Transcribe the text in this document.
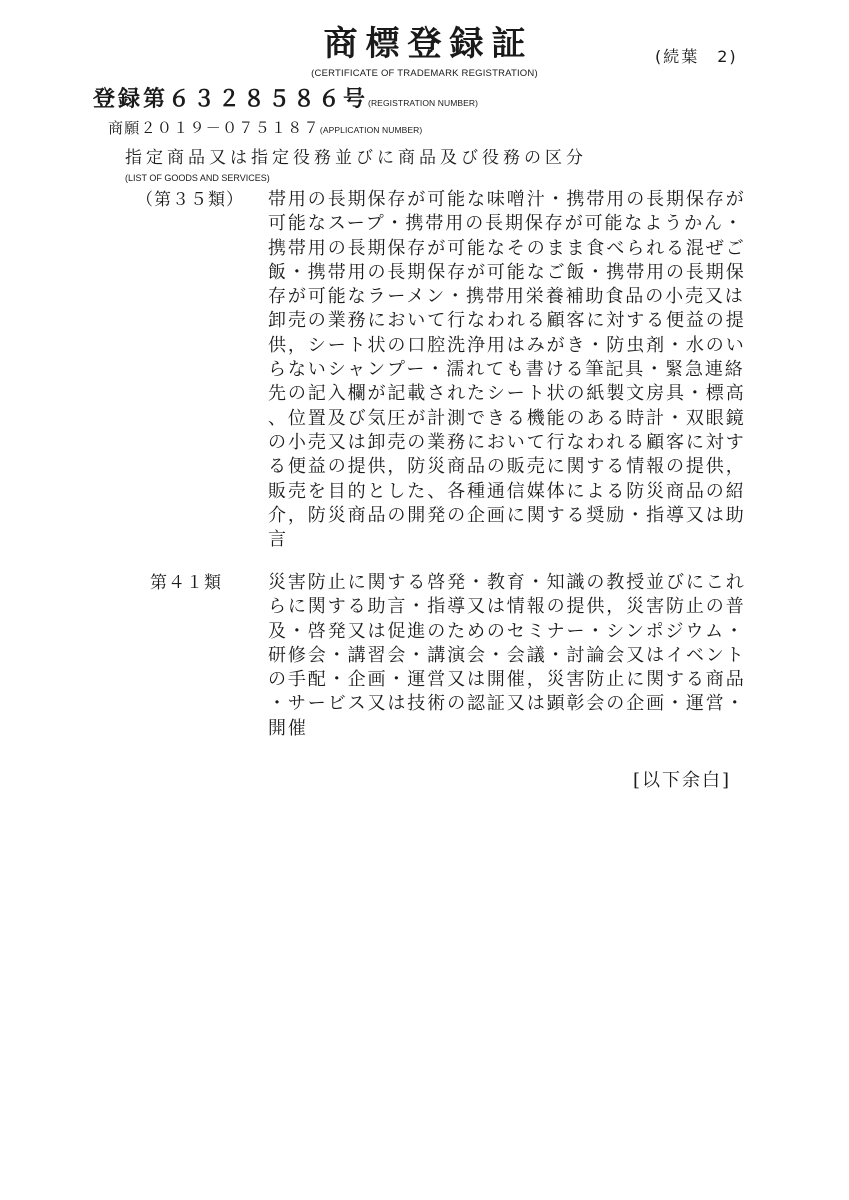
商標登録証
(CERTIFICATE OF TRADEMARK REGISTRATION)
(続葉　2)
登録第６３２８５８６号(REGISTRATION NUMBER)
商願２０１９－０７５１８７(APPLICATION NUMBER)
指定商品又は指定役務並びに商品及び役務の区分
(LIST OF GOODS AND SERVICES)
（第３５類） 帯用の長期保存が可能な味噌汁・携帯用の長期保存が
可能なスープ・携帯用の長期保存が可能なようかん・
携帯用の長期保存が可能なそのまま食べられる混ぜご
飯・携帯用の長期保存が可能なご飯・携帯用の長期保
存が可能なラーメン・携帯用栄養補助食品の小売又は
卸売の業務において行なわれる顧客に対する便益の提
供，シート状の口腔洗浄用はみがき・防虫剤・水のい
らないシャンプー・濡れても書ける筆記具・緊急連絡
先の記入欄が記載されたシート状の紙製文房具・標高
、位置及び気圧が計測できる機能のある時計・双眼鏡
の小売又は卸売の業務において行なわれる顧客に対す
る便益の提供，防災商品の販売に関する情報の提供，
販売を目的とした、各種通信媒体による防災商品の紹
介，防災商品の開発の企画に関する奨励・指導又は助
言
第４１類	災害防止に関する啓発・教育・知識の教授並びにこれ
らに関する助言・指導又は情報の提供，災害防止の普
及・啓発又は促進のためのセミナー・シンポジウム・
研修会・講習会・講演会・会議・討論会又はイベント
の手配・企画・運営又は開催，災害防止に関する商品
・サービス又は技術の認証又は顕彰会の企画・運営・
開催
[以下余白]
